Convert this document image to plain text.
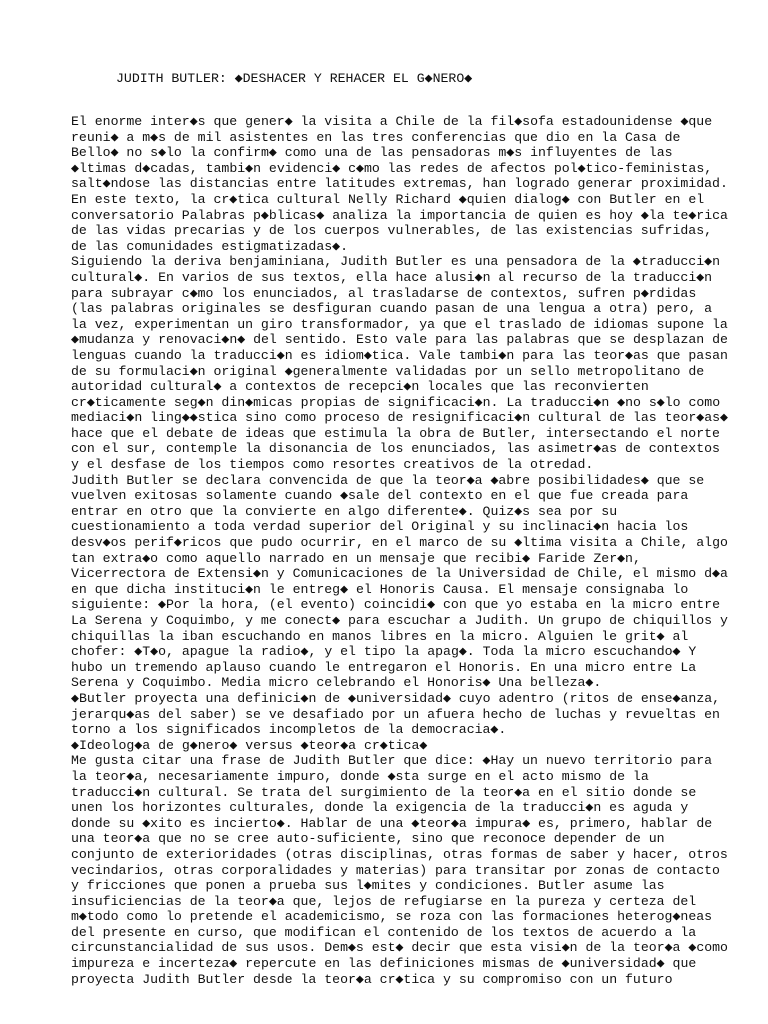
JUDITH BUTLER: ◆DESHACER Y REHACER EL G◆NERO◆
El enorme inter◆s que gener◆ la visita a Chile de la fil◆sofa estadounidense ◆que
reuni◆ a m◆s de mil asistentes en las tres conferencias que dio en la Casa de
Bello◆ no s◆lo la confirm◆ como una de las pensadoras m◆s influyentes de las
◆ltimas d◆cadas, tambi◆n evidenci◆ c◆mo las redes de afectos pol◆tico-feministas,
salt◆ndose las distancias entre latitudes extremas, han logrado generar proximidad.
En este texto, la cr◆tica cultural Nelly Richard ◆quien dialog◆ con Butler en el
conversatorio Palabras p◆blicas◆ analiza la importancia de quien es hoy ◆la te◆rica
de las vidas precarias y de los cuerpos vulnerables, de las existencias sufridas,
de las comunidades estigmatizadas◆.
Siguiendo la deriva benjaminiana, Judith Butler es una pensadora de la ◆traducci◆n
cultural◆. En varios de sus textos, ella hace alusi◆n al recurso de la traducci◆n
para subrayar c◆mo los enunciados, al trasladarse de contextos, sufren p◆rdidas
(las palabras originales se desfiguran cuando pasan de una lengua a otra) pero, a
la vez, experimentan un giro transformador, ya que el traslado de idiomas supone la
◆mudanza y renovaci◆n◆ del sentido. Esto vale para las palabras que se desplazan de
lenguas cuando la traducci◆n es idiom◆tica. Vale tambi◆n para las teor◆as que pasan
de su formulaci◆n original ◆generalmente validadas por un sello metropolitano de
autoridad cultural◆ a contextos de recepci◆n locales que las reconvierten
cr◆ticamente seg◆n din◆micas propias de significaci◆n. La traducci◆n ◆no s◆lo como
mediaci◆n ling◆◆stica sino como proceso de resignificaci◆n cultural de las teor◆as◆
hace que el debate de ideas que estimula la obra de Butler, intersectando el norte
con el sur, contemple la disonancia de los enunciados, las asimetr◆as de contextos
y el desfase de los tiempos como resortes creativos de la otredad.
Judith Butler se declara convencida de que la teor◆a ◆abre posibilidades◆ que se
vuelven exitosas solamente cuando ◆sale del contexto en el que fue creada para
entrar en otro que la convierte en algo diferente◆. Quiz◆s sea por su
cuestionamiento a toda verdad superior del Original y su inclinaci◆n hacia los
desv◆os perif◆ricos que pudo ocurrir, en el marco de su ◆ltima visita a Chile, algo
tan extra◆o como aquello narrado en un mensaje que recibi◆ Faride Zer◆n,
Vicerrectora de Extensi◆n y Comunicaciones de la Universidad de Chile, el mismo d◆a
en que dicha instituci◆n le entreg◆ el Honoris Causa. El mensaje consignaba lo
siguiente: ◆Por la hora, (el evento) coincidi◆ con que yo estaba en la micro entre
La Serena y Coquimbo, y me conect◆ para escuchar a Judith. Un grupo de chiquillos y
chiquillas la iban escuchando en manos libres en la micro. Alguien le grit◆ al
chofer: ◆T◆o, apague la radio◆, y el tipo la apag◆. Toda la micro escuchando◆ Y
hubo un tremendo aplauso cuando le entregaron el Honoris. En una micro entre La
Serena y Coquimbo. Media micro celebrando el Honoris◆ Una belleza◆.
◆Butler proyecta una definici◆n de ◆universidad◆ cuyo adentro (ritos de ense◆anza,
jerarqu◆as del saber) se ve desafiado por un afuera hecho de luchas y revueltas en
torno a los significados incompletos de la democracia◆.
◆Ideolog◆a de g◆nero◆ versus ◆teor◆a cr◆tica◆
Me gusta citar una frase de Judith Butler que dice: ◆Hay un nuevo territorio para
la teor◆a, necesariamente impuro, donde ◆sta surge en el acto mismo de la
traducci◆n cultural. Se trata del surgimiento de la teor◆a en el sitio donde se
unen los horizontes culturales, donde la exigencia de la traducci◆n es aguda y
donde su ◆xito es incierto◆. Hablar de una ◆teor◆a impura◆ es, primero, hablar de
una teor◆a que no se cree auto-suficiente, sino que reconoce depender de un
conjunto de exterioridades (otras disciplinas, otras formas de saber y hacer, otros
vecindarios, otras corporalidades y materias) para transitar por zonas de contacto
y fricciones que ponen a prueba sus l◆mites y condiciones. Butler asume las
insuficiencias de la teor◆a que, lejos de refugiarse en la pureza y certeza del
m◆todo como lo pretende el academicismo, se roza con las formaciones heterog◆neas
del presente en curso, que modifican el contenido de los textos de acuerdo a la
circunstancialidad de sus usos. Dem◆s est◆ decir que esta visi◆n de la teor◆a ◆como
impureza e incerteza◆ repercute en las definiciones mismas de ◆universidad◆ que
proyecta Judith Butler desde la teor◆a cr◆tica y su compromiso con un futuro
